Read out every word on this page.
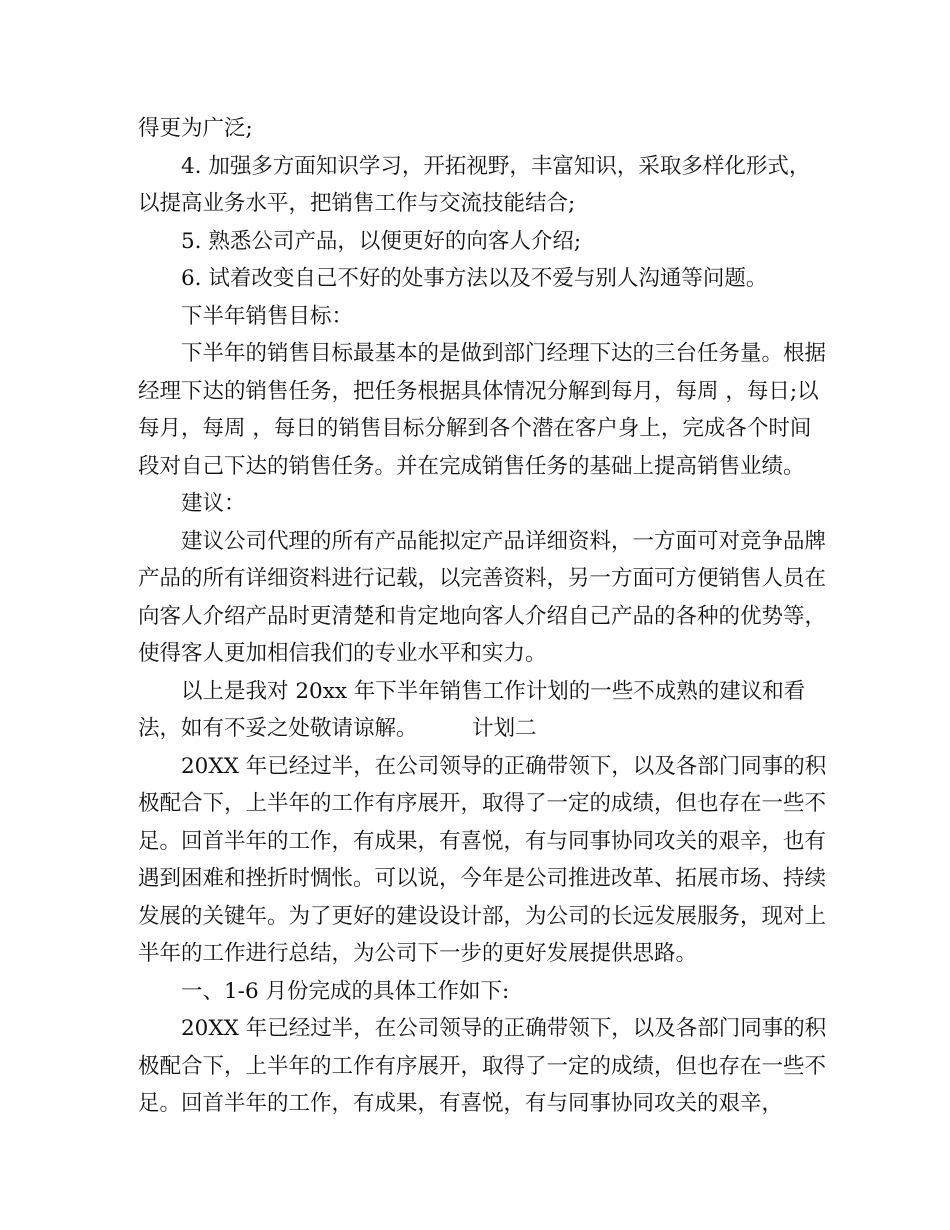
得更为广泛;

4. 加强多方面知识学习，开拓视野，丰富知识，采取多样化形式，以提高业务水平，把销售工作与交流技能结合;

5. 熟悉公司产品，以便更好的向客人介绍;

6. 试着改变自己不好的处事方法以及不爱与别人沟通等问题。

下半年销售目标：

下半年的销售目标最基本的是做到部门经理下达的三台任务量。根据经理下达的销售任务，把任务根据具体情况分解到每月，每周 ，每日;以每月，每周 ，每日的销售目标分解到各个潜在客户身上，完成各个时间段对自己下达的销售任务。并在完成销售任务的基础上提高销售业绩。

建议：

建议公司代理的所有产品能拟定产品详细资料，一方面可对竞争品牌产品的所有详细资料进行记载，以完善资料，另一方面可方便销售人员在向客人介绍产品时更清楚和肯定地向客人介绍自己产品的各种的优势等，使得客人更加相信我们的专业水平和实力。

以上是我对 20xx 年下半年销售工作计划的一些不成熟的建议和看法，如有不妥之处敬请谅解。        计划二

20XX 年已经过半，在公司领导的正确带领下，以及各部门同事的积极配合下，上半年的工作有序展开，取得了一定的成绩，但也存在一些不足。回首半年的工作，有成果，有喜悦，有与同事协同攻关的艰辛，也有遇到困难和挫折时惆怅。可以说，今年是公司推进改革、拓展市场、持续发展的关键年。为了更好的建设设计部，为公司的长远发展服务，现对上半年的工作进行总结，为公司下一步的更好发展提供思路。

一、1-6 月份完成的具体工作如下:

20XX 年已经过半，在公司领导的正确带领下，以及各部门同事的积极配合下，上半年的工作有序展开，取得了一定的成绩，但也存在一些不足。回首半年的工作，有成果，有喜悦，有与同事协同攻关的艰辛，
